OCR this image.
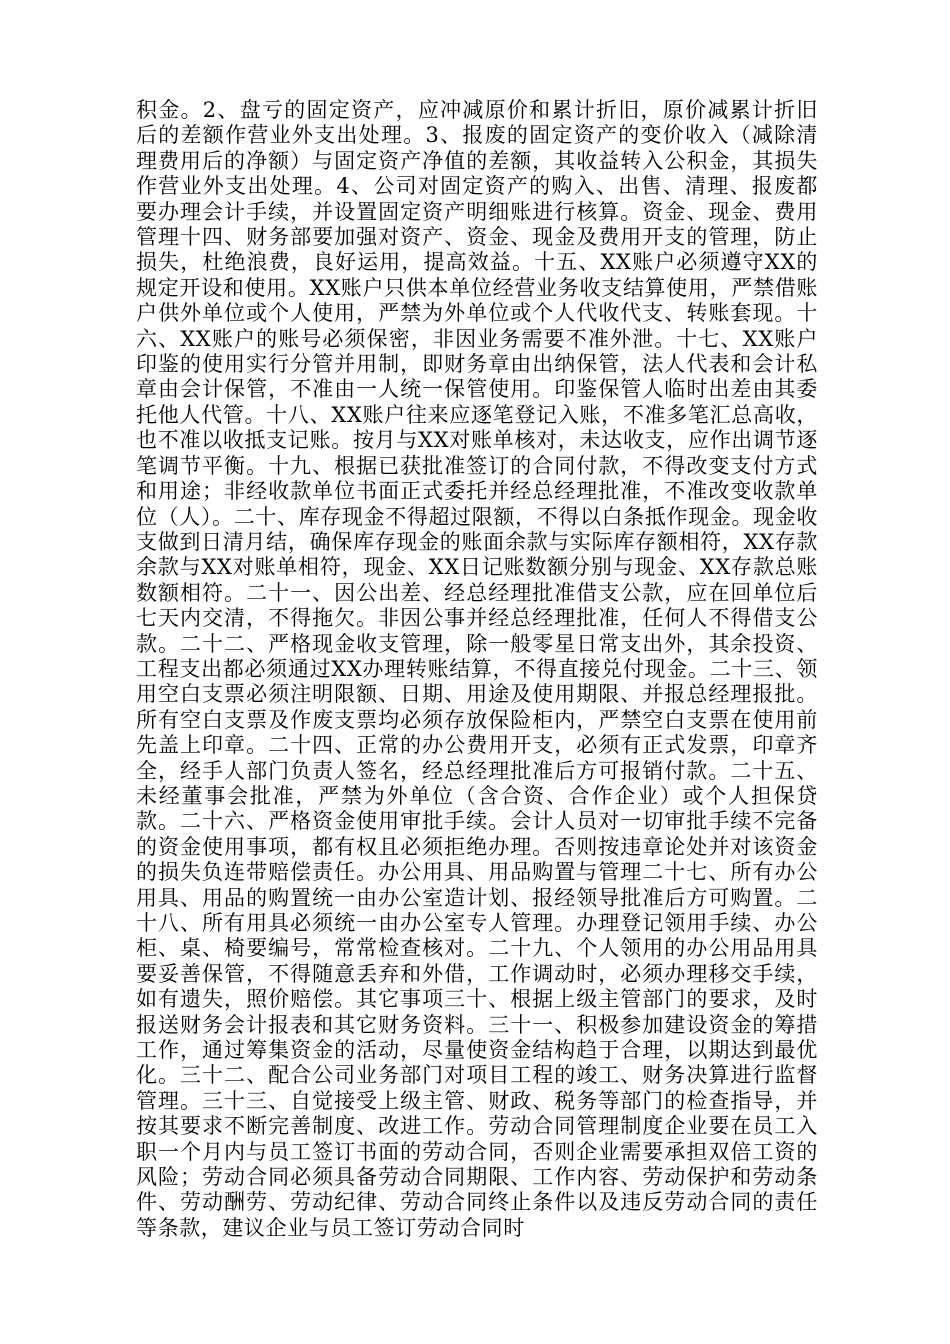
积金。2、盘亏的固定资产，应冲减原价和累计折旧，原价减累计折旧后的差额作营业外支出处理。3、报废的固定资产的变价收入（减除清理费用后的净额）与固定资产净值的差额，其收益转入公积金，其损失作营业外支出处理。4、公司对固定资产的购入、出售、清理、报废都要办理会计手续，并设置固定资产明细账进行核算。资金、现金、费用管理十四、财务部要加强对资产、资金、现金及费用开支的管理，防止损失，杜绝浪费，良好运用，提高效益。十五、XX账户必须遵守XX的规定开设和使用。XX账户只供本单位经营业务收支结算使用，严禁借账户供外单位或个人使用，严禁为外单位或个人代收代支、转账套现。十六、XX账户的账号必须保密，非因业务需要不准外泄。十七、XX账户印鉴的使用实行分管并用制，即财务章由出纳保管，法人代表和会计私章由会计保管，不准由一人统一保管使用。印鉴保管人临时出差由其委托他人代管。十八、XX账户往来应逐笔登记入账，不准多笔汇总高收，也不准以收抵支记账。按月与XX对账单核对，未达收支，应作出调节逐笔调节平衡。十九、根据已获批准签订的合同付款，不得改变支付方式和用途；非经收款单位书面正式委托并经总经理批准，不准改变收款单位（人）。二十、库存现金不得超过限额，不得以白条抵作现金。现金收支做到日清月结，确保库存现金的账面余款与实际库存额相符，XX存款余款与XX对账单相符，现金、XX日记账数额分别与现金、XX存款总账数额相符。二十一、因公出差、经总经理批准借支公款，应在回单位后七天内交清，不得拖欠。非因公事并经总经理批准，任何人不得借支公款。二十二、严格现金收支管理，除一般零星日常支出外，其余投资、工程支出都必须通过XX办理转账结算，不得直接兑付现金。二十三、领用空白支票必须注明限额、日期、用途及使用期限、并报总经理报批。所有空白支票及作废支票均必须存放保险柜内，严禁空白支票在使用前先盖上印章。二十四、正常的办公费用开支，必须有正式发票，印章齐全，经手人部门负责人签名，经总经理批准后方可报销付款。二十五、未经董事会批准，严禁为外单位（含合资、合作企业）或个人担保贷款。二十六、严格资金使用审批手续。会计人员对一切审批手续不完备的资金使用事项，都有权且必须拒绝办理。否则按违章论处并对该资金的损失负连带赔偿责任。办公用具、用品购置与管理二十七、所有办公用具、用品的购置统一由办公室造计划、报经领导批准后方可购置。二十八、所有用具必须统一由办公室专人管理。办理登记领用手续、办公柜、桌、椅要编号，常常检查核对。二十九、个人领用的办公用品用具要妥善保管，不得随意丢弃和外借，工作调动时，必须办理移交手续，如有遗失，照价赔偿。其它事项三十、根据上级主管部门的要求，及时报送财务会计报表和其它财务资料。三十一、积极参加建设资金的筹措工作，通过筹集资金的活动，尽量使资金结构趋于合理，以期达到最优化。三十二、配合公司业务部门对项目工程的竣工、财务决算进行监督管理。三十三、自觉接受上级主管、财政、税务等部门的检查指导，并按其要求不断完善制度、改进工作。劳动合同管理制度企业要在员工入职一个月内与员工签订书面的劳动合同，否则企业需要承担双倍工资的风险；劳动合同必须具备劳动合同期限、工作内容、劳动保护和劳动条件、劳动酬劳、劳动纪律、劳动合同终止条件以及违反劳动合同的责任等条款，建议企业与员工签订劳动合同时
